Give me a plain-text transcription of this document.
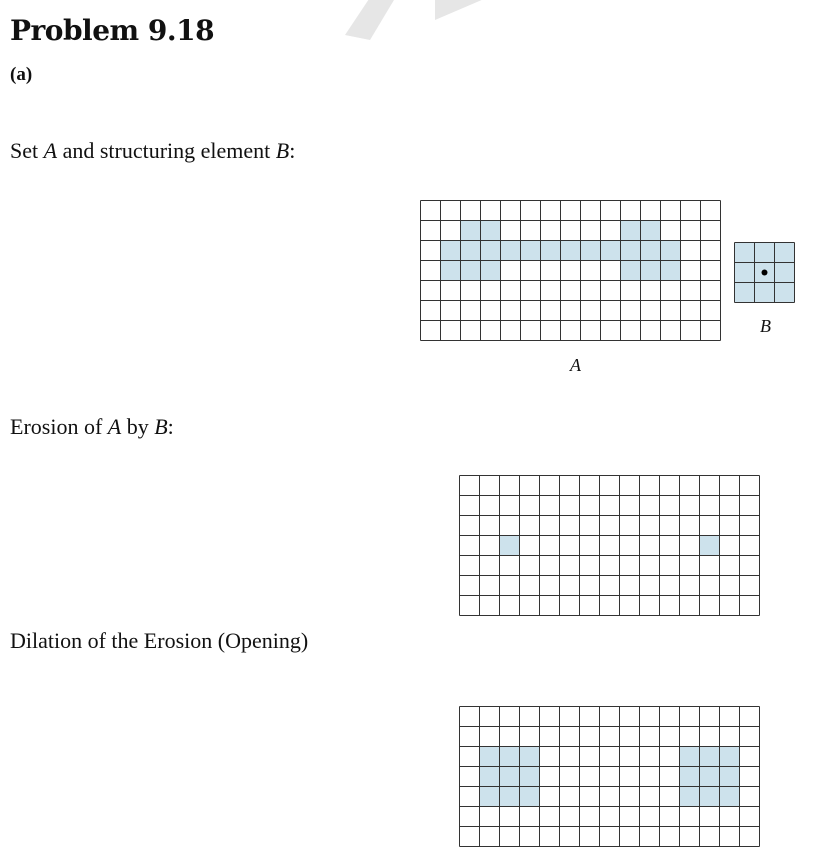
Problem 9.18
(a)
Set A and structuring element B:
Erosion of A by B:
Dilation of the Erosion (Opening)
A
B
